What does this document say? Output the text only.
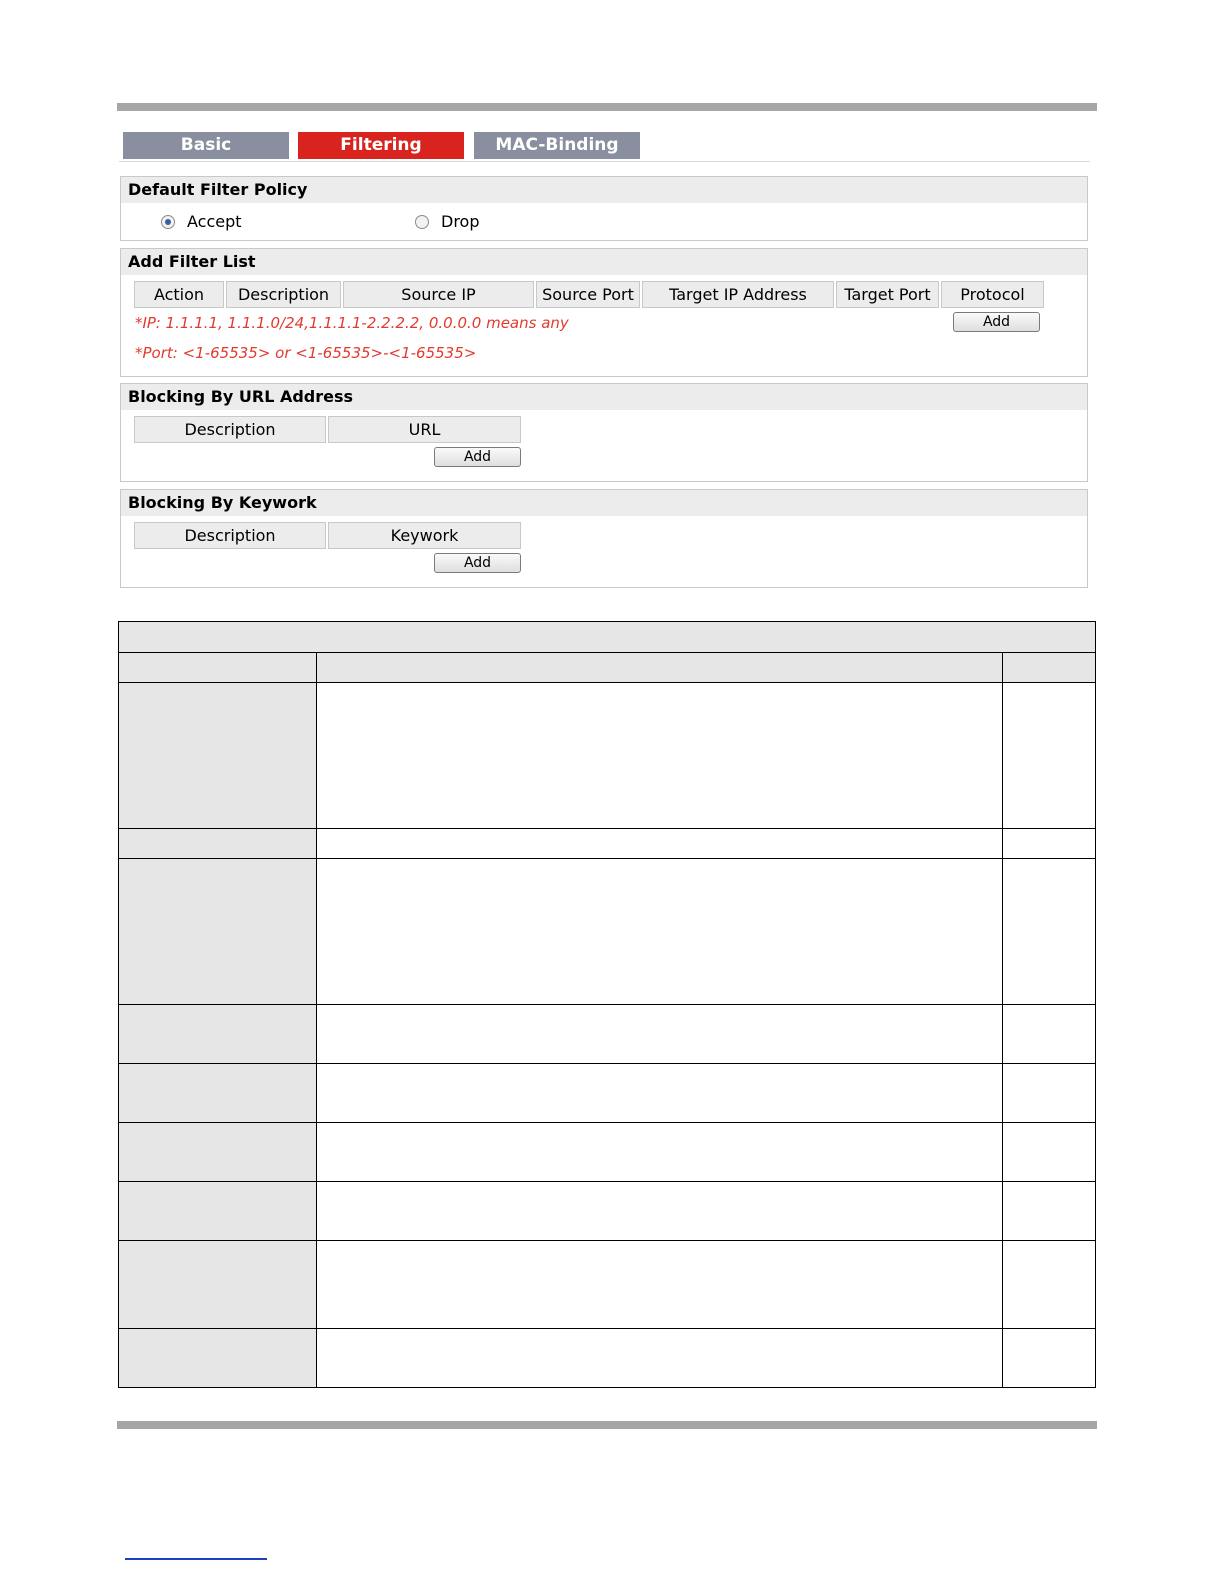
Basic	Filtering	MAC-Binding
Default Filter Policy
Accept	Drop
Add Filter List
Action	Description	Source IP	Source Port	Target IP Address	Target Port	Protocol
*IP: 1.1.1.1, 1.1.1.0/24,1.1.1.1-2.2.2.2, 0.0.0.0 means any	Add
*Port: <1-65535> or <1-65535>-<1-65535>
Blocking By URL Address
Description	URL
Add
Blocking By Keywork
Description	Keywork
Add
